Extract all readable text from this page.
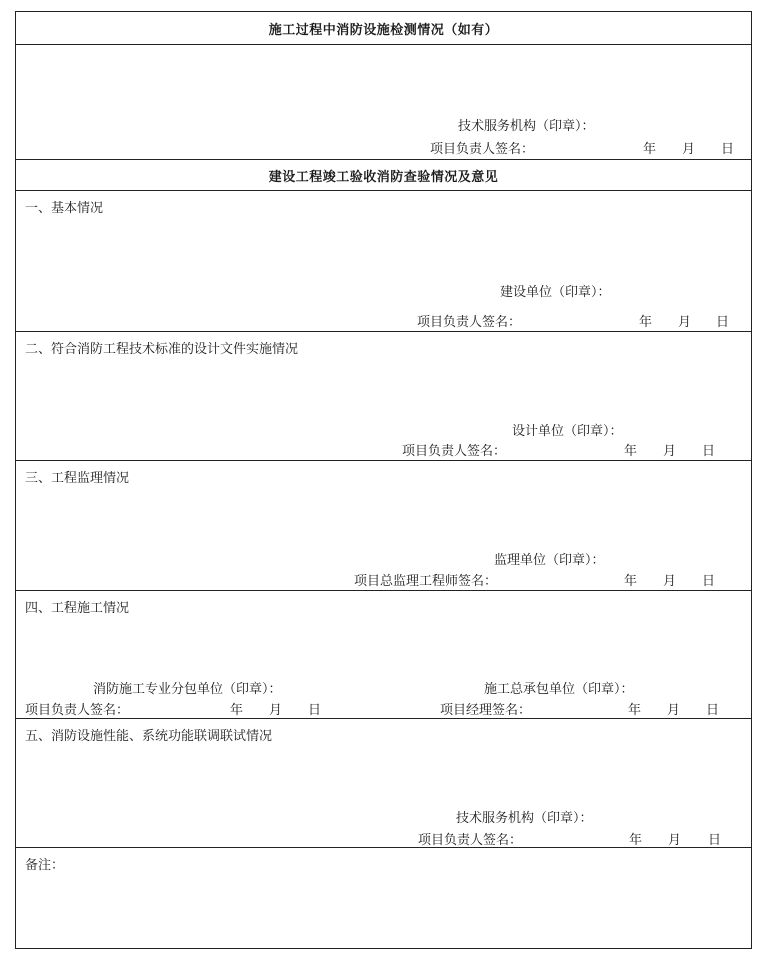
施工过程中消防设施检测情况（如有）
技术服务机构（印章）：
项目负责人签名：	年 月 日
建设工程竣工验收消防查验情况及意见
一、基本情况
建设单位（印章）：
项目负责人签名：	年 月 日
二、符合消防工程技术标准的设计文件实施情况
设计单位（印章）：
项目负责人签名：	年 月 日
三、工程监理情况
监理单位（印章）：
项目总监理工程师签名：	年 月 日
四、工程施工情况
消防施工专业分包单位（印章）：
项目负责人签名：	年 月 日
施工总承包单位（印章）：
项目经理签名：	年 月 日
五、消防设施性能、系统功能联调联试情况
技术服务机构（印章）：
项目负责人签名：	年 月 日
备注：
